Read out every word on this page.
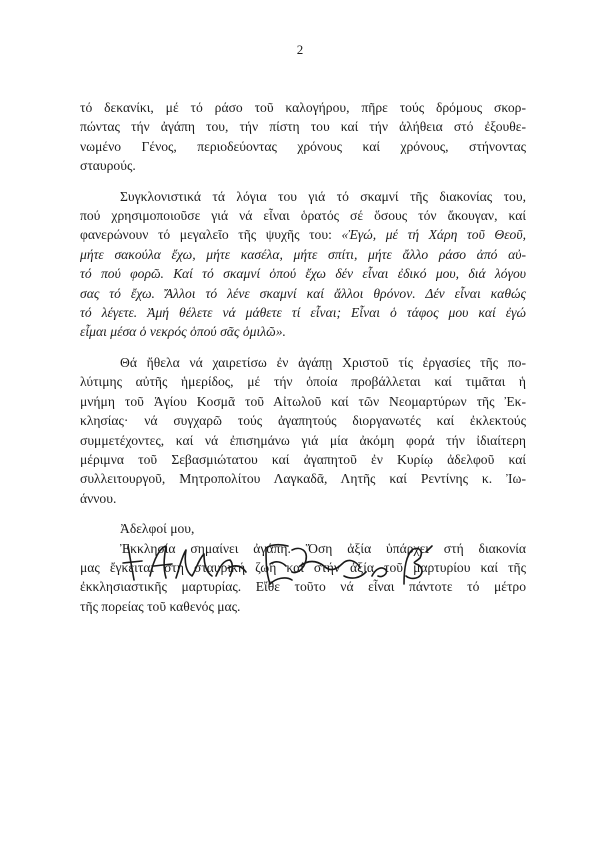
2

τό δεκανίκι, μέ τό ράσο τοῦ καλογήρου, πῆρε τούς δρόμους σκορ-
πώντας τήν ἀγάπη του, τήν πίστη του καί τήν ἀλήθεια στό ἐξουθε-
νωμένο Γένος, περιοδεύοντας χρόνους καί χρόνους, στήνοντας
σταυρούς.

Συγκλονιστικά τά λόγια του γιά τό σκαμνί τῆς διακονίας του,
πού χρησιμοποιοῦσε γιά νά εἶναι ὁρατός σέ ὅσους τόν ἄκουγαν, καί
φανερώνουν τό μεγαλεῖο τῆς ψυχῆς του: «Ἐγώ, μέ τή Χάρη τοῦ Θεοῦ,
μήτε σακούλα ἔχω, μήτε κασέλα, μήτε σπίτι, μήτε ἄλλο ράσο ἀπό αὐ-
τό πού φορῶ. Καί τό σκαμνί ὁπού ἔχω δέν εἶναι ἐδικό μου, διά λόγου
σας τό ἔχω. Ἄλλοι τό λένε σκαμνί καί ἄλλοι θρόνον. Δέν εἶναι καθώς
τό λέγετε. Ἀμή θέλετε νά μάθετε τί εἶναι; Εἶναι ὁ τάφος μου καί ἐγώ
εἶμαι μέσα ὁ νεκρός ὁπού σᾶς ὁμιλῶ».

Θά ἤθελα νά χαιρετίσω ἐν ἀγάπῃ Χριστοῦ τίς ἐργασίες τῆς πο-
λύτιμης αὐτῆς ἡμερίδος, μέ τήν ὁποία προβάλλεται καί τιμᾶται ἡ
μνήμη τοῦ Ἁγίου Κοσμᾶ τοῦ Αἰτωλοῦ καί τῶν Νεομαρτύρων τῆς Ἐκ-
κλησίας· νά συγχαρῶ τούς ἀγαπητούς διοργανωτές καί ἐκλεκτούς
συμμετέχοντες, καί νά ἐπισημάνω γιά μία ἀκόμη φορά τήν ἰδιαίτερη
μέριμνα τοῦ Σεβασμιώτατου καί ἀγαπητοῦ ἐν Κυρίῳ ἀδελφοῦ καί
συλλειτουργοῦ, Μητροπολίτου Λαγκαδᾶ, Λητῆς καί Ρεντίνης κ. Ἰω-
άννου.

Ἀδελφοί μου,

Ἐκκλησία σημαίνει ἀγάπη. Ὅση ἀξία ὑπάρχει στή διακονία
μας ἔγκειται στή σταυρική ζωή καί στήν ἀξία τοῦ μαρτυρίου καί τῆς
ἐκκλησιαστικῆς μαρτυρίας. Εἴθε τοῦτο νά εἶναι πάντοτε τό μέτρο
τῆς πορείας τοῦ καθενός μας.
